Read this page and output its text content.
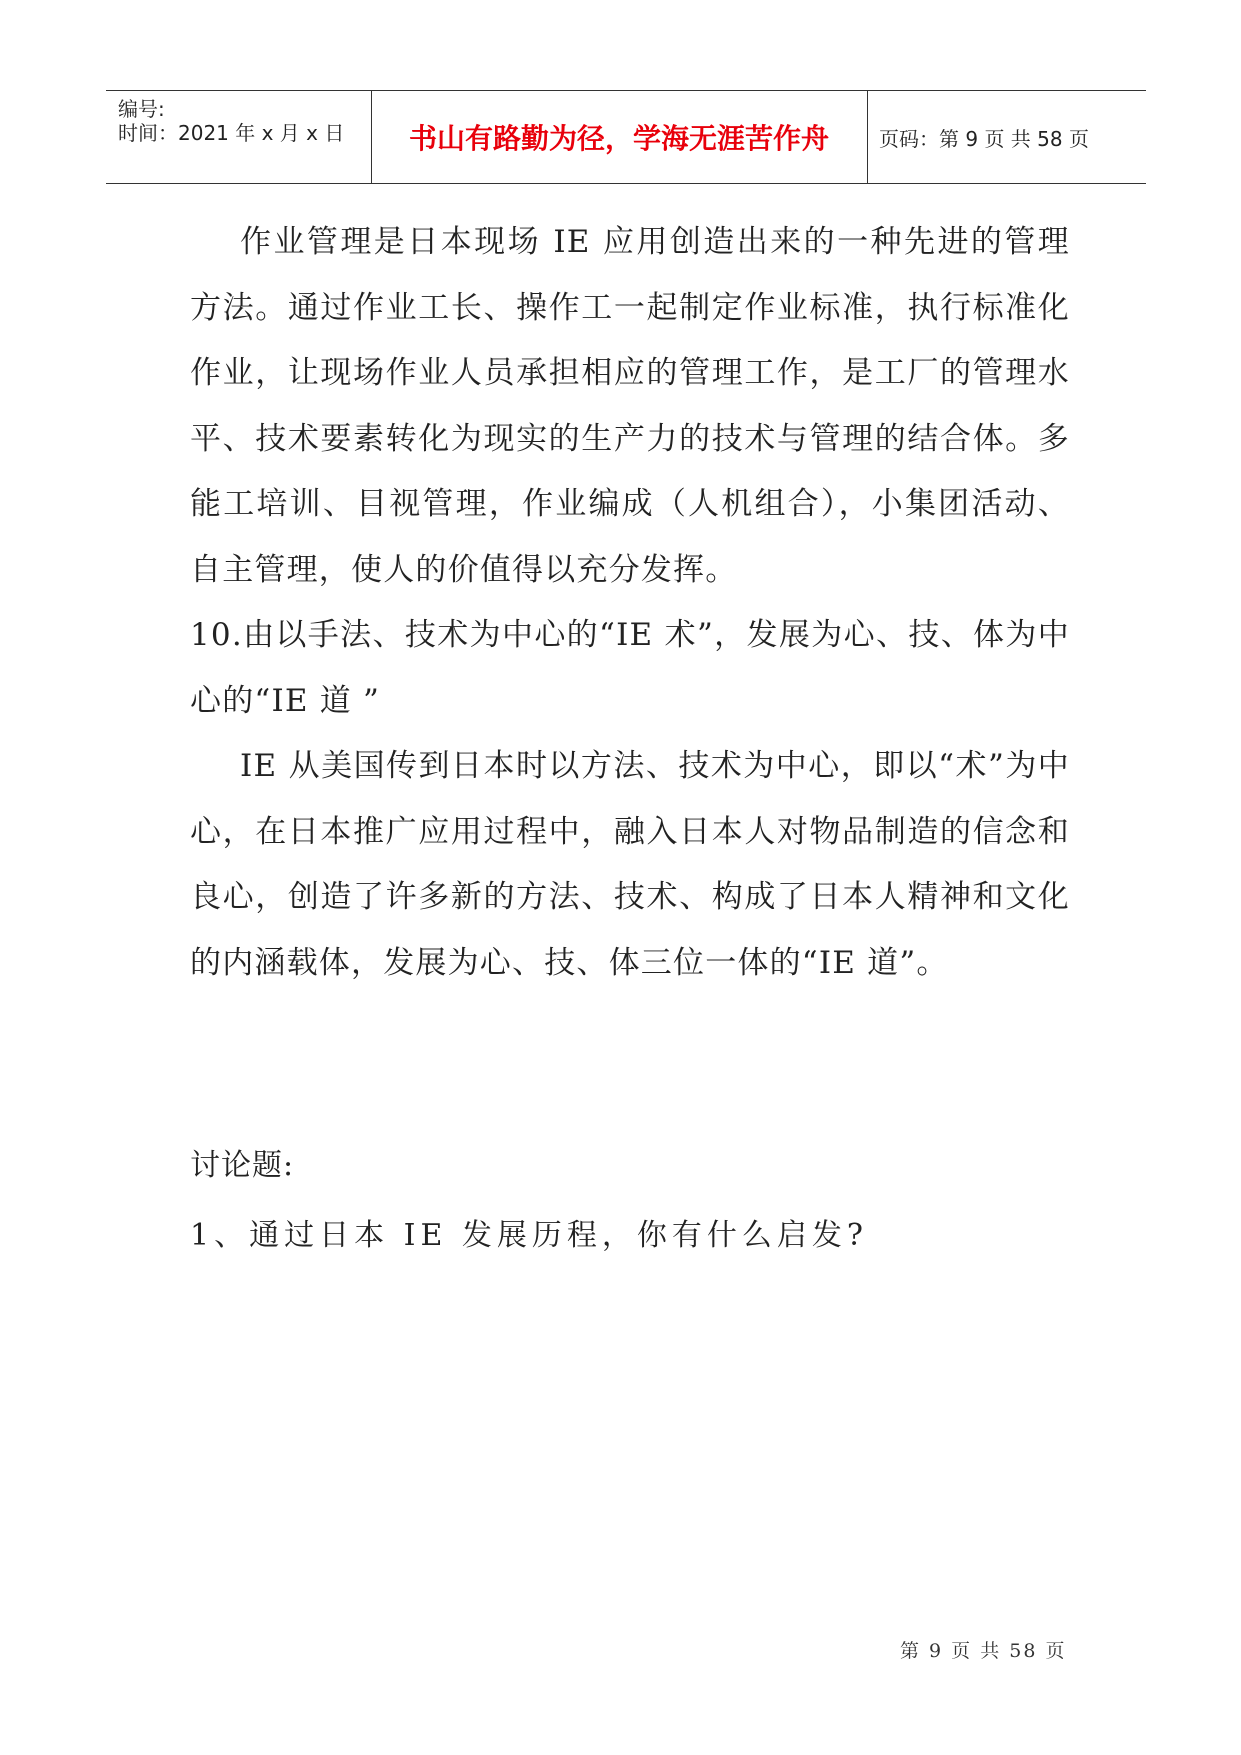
编号:
时间：2021 年 x 月 x 日	书山有路勤为径，学海无涯苦作舟	页码：第 9 页 共 58 页

作业管理是日本现场 IE 应用创造出来的一种先进的管理方法。通过作业工长、操作工一起制定作业标准，执行标准化作业，让现场作业人员承担相应的管理工作，是工厂的管理水平、技术要素转化为现实的生产力的技术与管理的结合体。多能工培训、目视管理，作业编成（人机组合），小集团活动、自主管理，使人的价值得以充分发挥。

10.由以手法、技术为中心的“IE 术”，发展为心、技、体为中心的“IE 道 ”

IE 从美国传到日本时以方法、技术为中心，即以“术”为中心，在日本推广应用过程中，融入日本人对物品制造的信念和良心，创造了许多新的方法、技术、构成了日本人精神和文化的内涵载体，发展为心、技、体三位一体的“IE 道”。

讨论题:

1、通过日本 IE 发展历程，你有什么启发?

第 9 页 共 58 页
